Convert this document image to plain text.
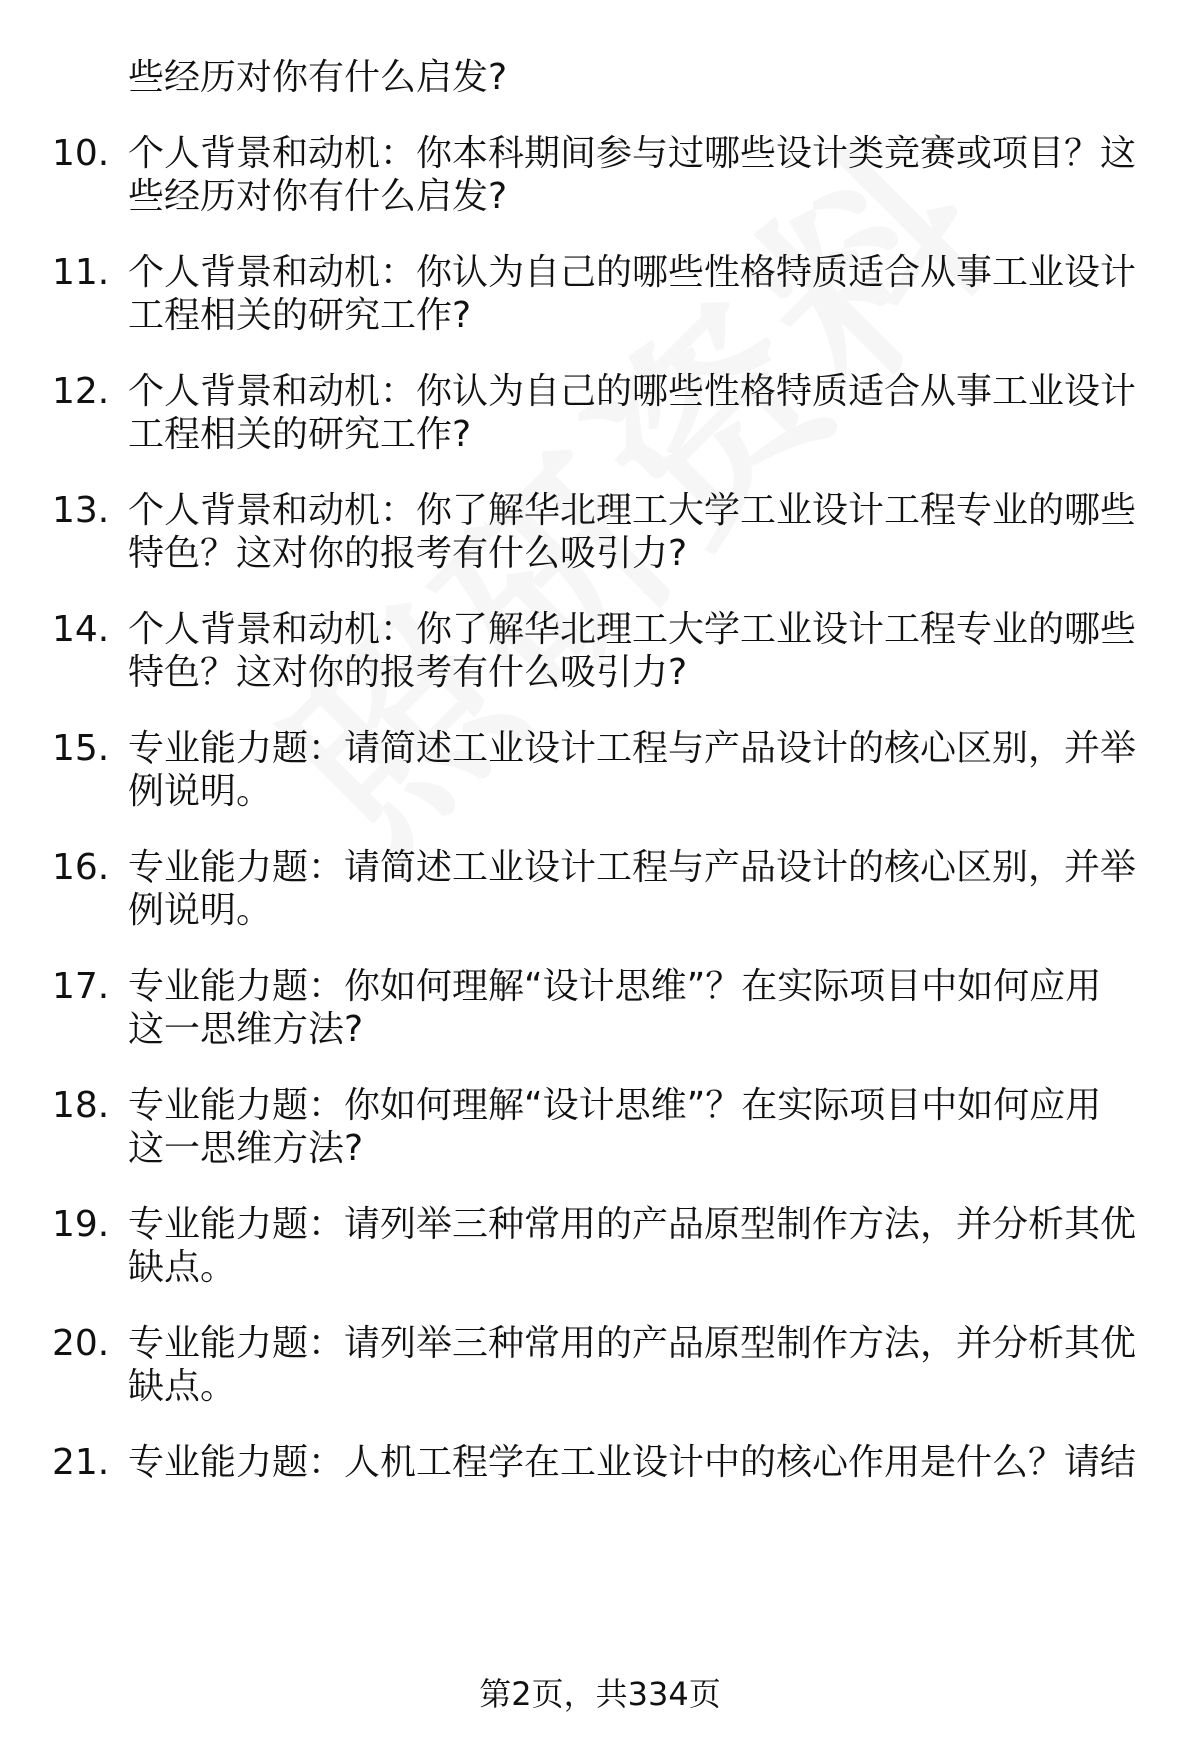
些经历对你有什么启发?
10. 个人背景和动机：你本科期间参与过哪些设计类竞赛或项目？这
些经历对你有什么启发?
11. 个人背景和动机：你认为自己的哪些性格特质适合从事工业设计
工程相关的研究工作?
12. 个人背景和动机：你认为自己的哪些性格特质适合从事工业设计
工程相关的研究工作?
13. 个人背景和动机：你了解华北理工大学工业设计工程专业的哪些
特色？这对你的报考有什么吸引力?
14. 个人背景和动机：你了解华北理工大学工业设计工程专业的哪些
特色？这对你的报考有什么吸引力?
15. 专业能力题：请简述工业设计工程与产品设计的核心区别，并举
例说明。
16. 专业能力题：请简述工业设计工程与产品设计的核心区别，并举
例说明。
17. 专业能力题：你如何理解“设计思维”？在实际项目中如何应用
这一思维方法?
18. 专业能力题：你如何理解“设计思维”？在实际项目中如何应用
这一思维方法?
19. 专业能力题：请列举三种常用的产品原型制作方法，并分析其优
缺点。
20. 专业能力题：请列举三种常用的产品原型制作方法，并分析其优
缺点。
21. 专业能力题：人机工程学在工业设计中的核心作用是什么？请结
第2页，共334页
